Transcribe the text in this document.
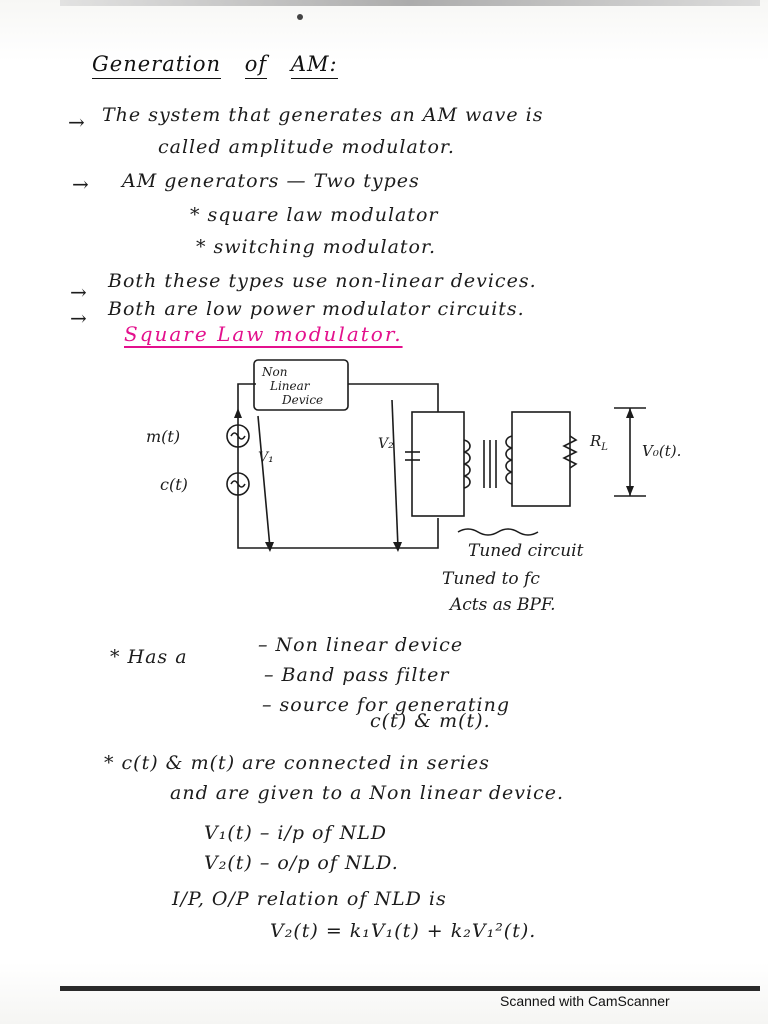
Generation of AM:
→ The system that generates an AM wave is
called amplitude modulator.
→ AM generators — Two types
* square law modulator
* switching modulator.
→ Both these types use non-linear devices.
→ Both are low power modulator circuits.
Square Law modulator.
Non
Linear
Device
m(t)
c(t)
V₁
V₂	$R_L$ V₀(t).
Tuned circuit
Tuned to fc
Acts as BPF.
* Has a
– Non linear device
– Band pass filter
– source for generating
c(t) & m(t).
* c(t) & m(t) are connected in series
and are given to a Non linear device.
V₁(t) – i/p of NLD
V₂(t) – o/p of NLD.
I/P, O/P relation of NLD is
V₂(t) = k₁V₁(t) + k₂V₁²(t).
Scanned with CamScanner
